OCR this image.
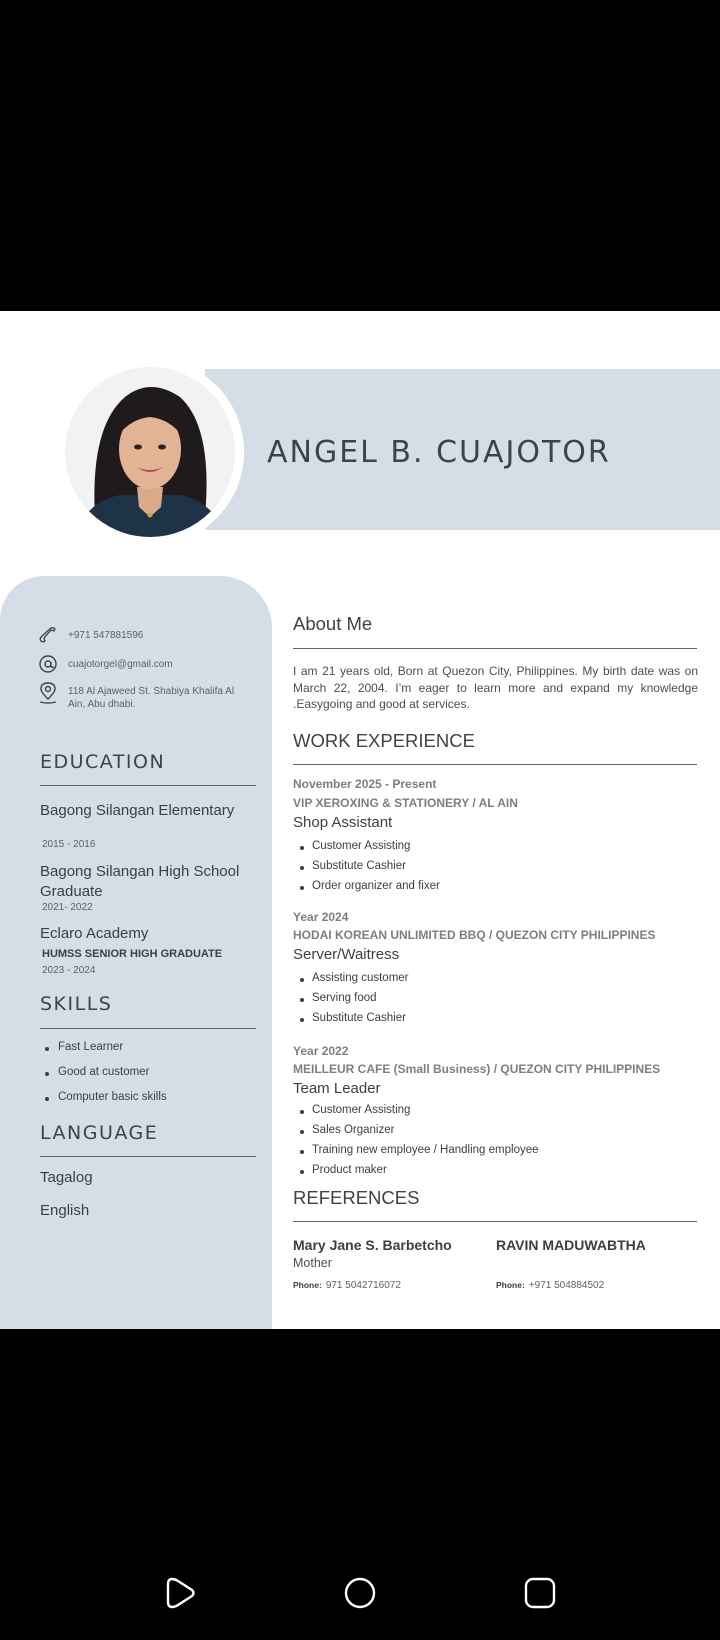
ANGEL B. CUAJOTOR
+971 547881596
cuajotorgel@gmail.com
118 Al Ajaweed St. Shabiya Khalifa Al Ain, Abu dhabi.
EDUCATION
Bagong Silangan Elementary
2015 - 2016
Bagong Silangan High School Graduate
2021- 2022
Eclaro Academy
HUMSS SENIOR HIGH GRADUATE
2023 - 2024
SKILLS
Fast Learner
Good at customer
Computer basic skills
LANGUAGE
Tagalog
English
About Me
I am 21 years old, Born at Quezon City, Philippines. My birth date was on March 22, 2004. I’m eager to learn more and expand my knowledge .Easygoing and good at services.
WORK EXPERIENCE
November 2025 - Present
VIP XEROXING & STATIONERY / AL AIN
Shop Assistant
Customer Assisting
Substitute Cashier
Order organizer and fixer
Year 2024
HODAI KOREAN UNLIMITED BBQ / QUEZON CITY PHILIPPINES
Server/Waitress
Assisting customer
Serving food
Substitute Cashier
Year 2022
MEILLEUR CAFE (Small Business) / QUEZON CITY PHILIPPINES
Team Leader
Customer Assisting
Sales Organizer
Training new employee / Handling employee
Product maker
REFERENCES
Mary Jane S. Barbetcho
Mother
Phone: 971 5042716072
RAVIN MADUWABTHA
Phone: +971 504884502
